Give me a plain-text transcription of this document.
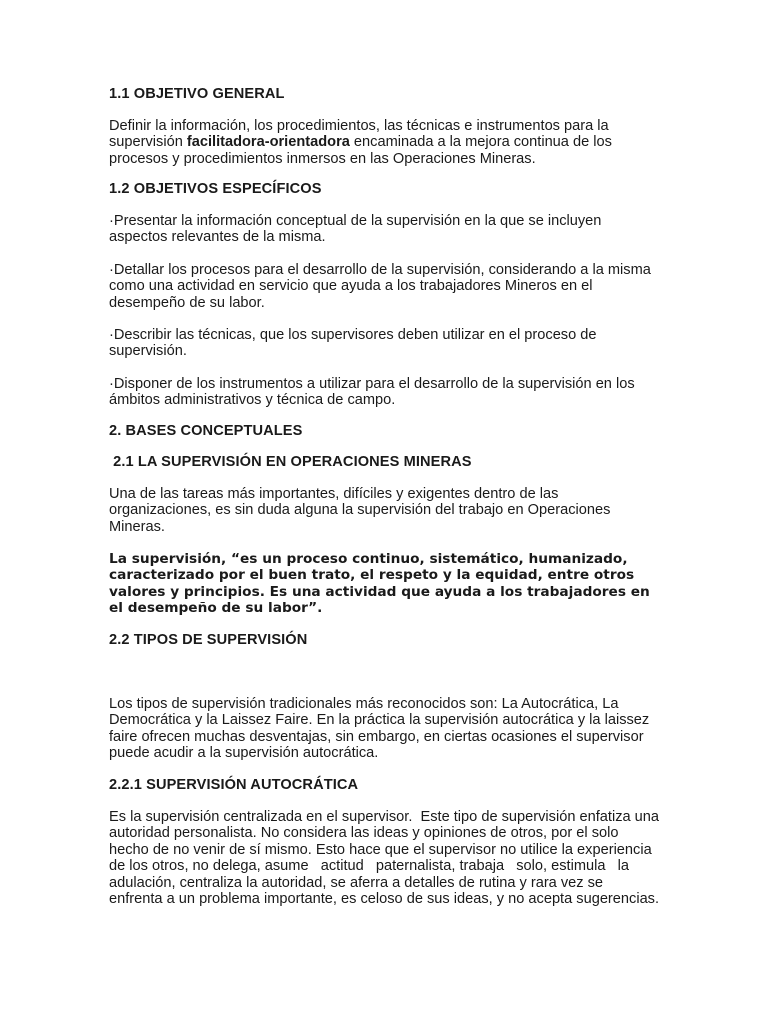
1.1 OBJETIVO GENERAL

Definir la información, los procedimientos, las técnicas e instrumentos para la supervisión facilitadora-orientadora encaminada a la mejora continua de los procesos y procedimientos inmersos en las Operaciones Mineras.

1.2 OBJETIVOS ESPECÍFICOS

·Presentar la información conceptual de la supervisión en la que se incluyen aspectos relevantes de la misma.

·Detallar los procesos para el desarrollo de la supervisión, considerando a la misma como una actividad en servicio que ayuda a los trabajadores Mineros en el desempeño de su labor.

·Describir las técnicas, que los supervisores deben utilizar en el proceso de supervisión.

·Disponer de los instrumentos a utilizar para el desarrollo de la supervisión en los ámbitos administrativos y técnica de campo.

2. BASES CONCEPTUALES
2.1 LA SUPERVISIÓN EN OPERACIONES MINERAS

Una de las tareas más importantes, difíciles y exigentes dentro de las organizaciones, es sin duda alguna la supervisión del trabajo en Operaciones Mineras.

La supervisión, “es un proceso continuo, sistemático, humanizado, caracterizado por el buen trato, el respeto y la equidad, entre otros valores y principios. Es una actividad que ayuda a los trabajadores en el desempeño de su labor”.

2.2 TIPOS DE SUPERVISIÓN

Los tipos de supervisión tradicionales más reconocidos son: La Autocrática, La Democrática y la Laissez Faire. En la práctica la supervisión autocrática y la laissez faire ofrecen muchas desventajas, sin embargo, en ciertas ocasiones el supervisor puede acudir a la supervisión autocrática.

2.2.1 SUPERVISIÓN AUTOCRÁTICA

Es la supervisión centralizada en el supervisor.  Este tipo de supervisión enfatiza una autoridad personalista. No considera las ideas y opiniones de otros, por el solo hecho de no venir de sí mismo. Esto hace que el supervisor no utilice la experiencia de los otros, no delega, asume   actitud   paternalista, trabaja   solo, estimula   la adulación, centraliza la autoridad, se aferra a detalles de rutina y rara vez se enfrenta a un problema importante, es celoso de sus ideas, y no acepta sugerencias.
